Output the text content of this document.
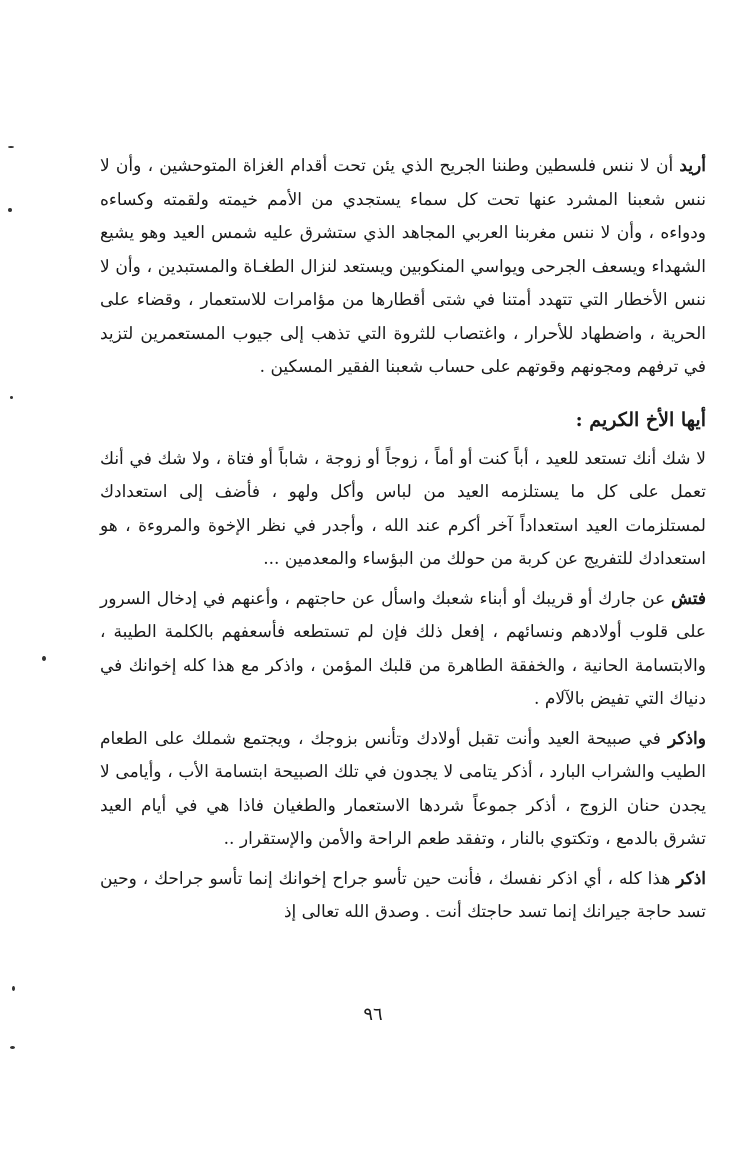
أريد أن لا ننس فلسطين وطننا الجريح الذي يئن تحت أقدام الغزاة المتوحشين ، وأن لا ننس شعبنا المشرد عنها تحت كل سماء يستجدي من الأمم خيمته ولقمته وكساءه ودواءه ، وأن لا ننس مغربنا العربي المجاهد الذي ستشرق عليه شمس العيد وهو يشيع الشهداء ويسعف الجرحى ويواسي المنكوبين ويستعد لنزال الطغـاة والمستبدين ، وأن لا ننس الأخطار التي تتهدد أمتنا في شتى أقطارها من مؤامرات للاستعمار ، وقضاء على الحرية ، واضطهاد للأحرار ، واغتصاب للثروة التي تذهب إلى جيوب المستعمرين لتزيد في ترفهم ومجونهم وقوتهم على حساب شعبنا الفقير المسكين .

أيها الأخ الكريم :

لا شك أنك تستعد للعيد ، أباً كنت أو أماً ، زوجاً أو زوجة ، شاباً أو فتاة ، ولا شك في أنك تعمل على كل ما يستلزمه العيد من لباس وأكل ولهو ، فأضف إلى استعدادك لمستلزمات العيد استعداداً آخر أكرم عند الله ، وأجدر في نظر الإخوة والمروءة ، هو استعدادك للتفريج عن كربة من حولك من البؤساء والمعدمين ...

فتش عن جارك أو قريبك أو أبناء شعبك واسأل عن حاجتهم ، وأعنهم في إدخال السرور على قلوب أولادهم ونسائهم ، إفعل ذلك فإن لم تستطعه فأسعفهم بالكلمة الطيبة ، والابتسامة الحانية ، والخفقة الطاهرة من قلبك المؤمن ، واذكر مع هذا كله إخوانك في دنياك التي تفيض بالآلام .

واذكر في صبيحة العيد وأنت تقبل أولادك وتأنس بزوجك ، ويجتمع شملك على الطعام الطيب والشراب البارد ، أذكر يتامى لا يجدون في تلك الصبيحة ابتسامة الأب ، وأيامى لا يجدن حنان الزوج ، أذكر جموعاً شردها الاستعمار والطغيان فاذا هي في أيام العيد تشرق بالدمع ، وتكتوي بالنار ، وتفقد طعم الراحة والأمن والإستقرار ..

اذكر هذا كله ، أي اذكر نفسك ، فأنت حين تأسو جراح إخوانك إنما تأسو جراحك ، وحين تسد حاجة جيرانك إنما تسد حاجتك أنت . وصدق الله تعالى إذ

٩٦
